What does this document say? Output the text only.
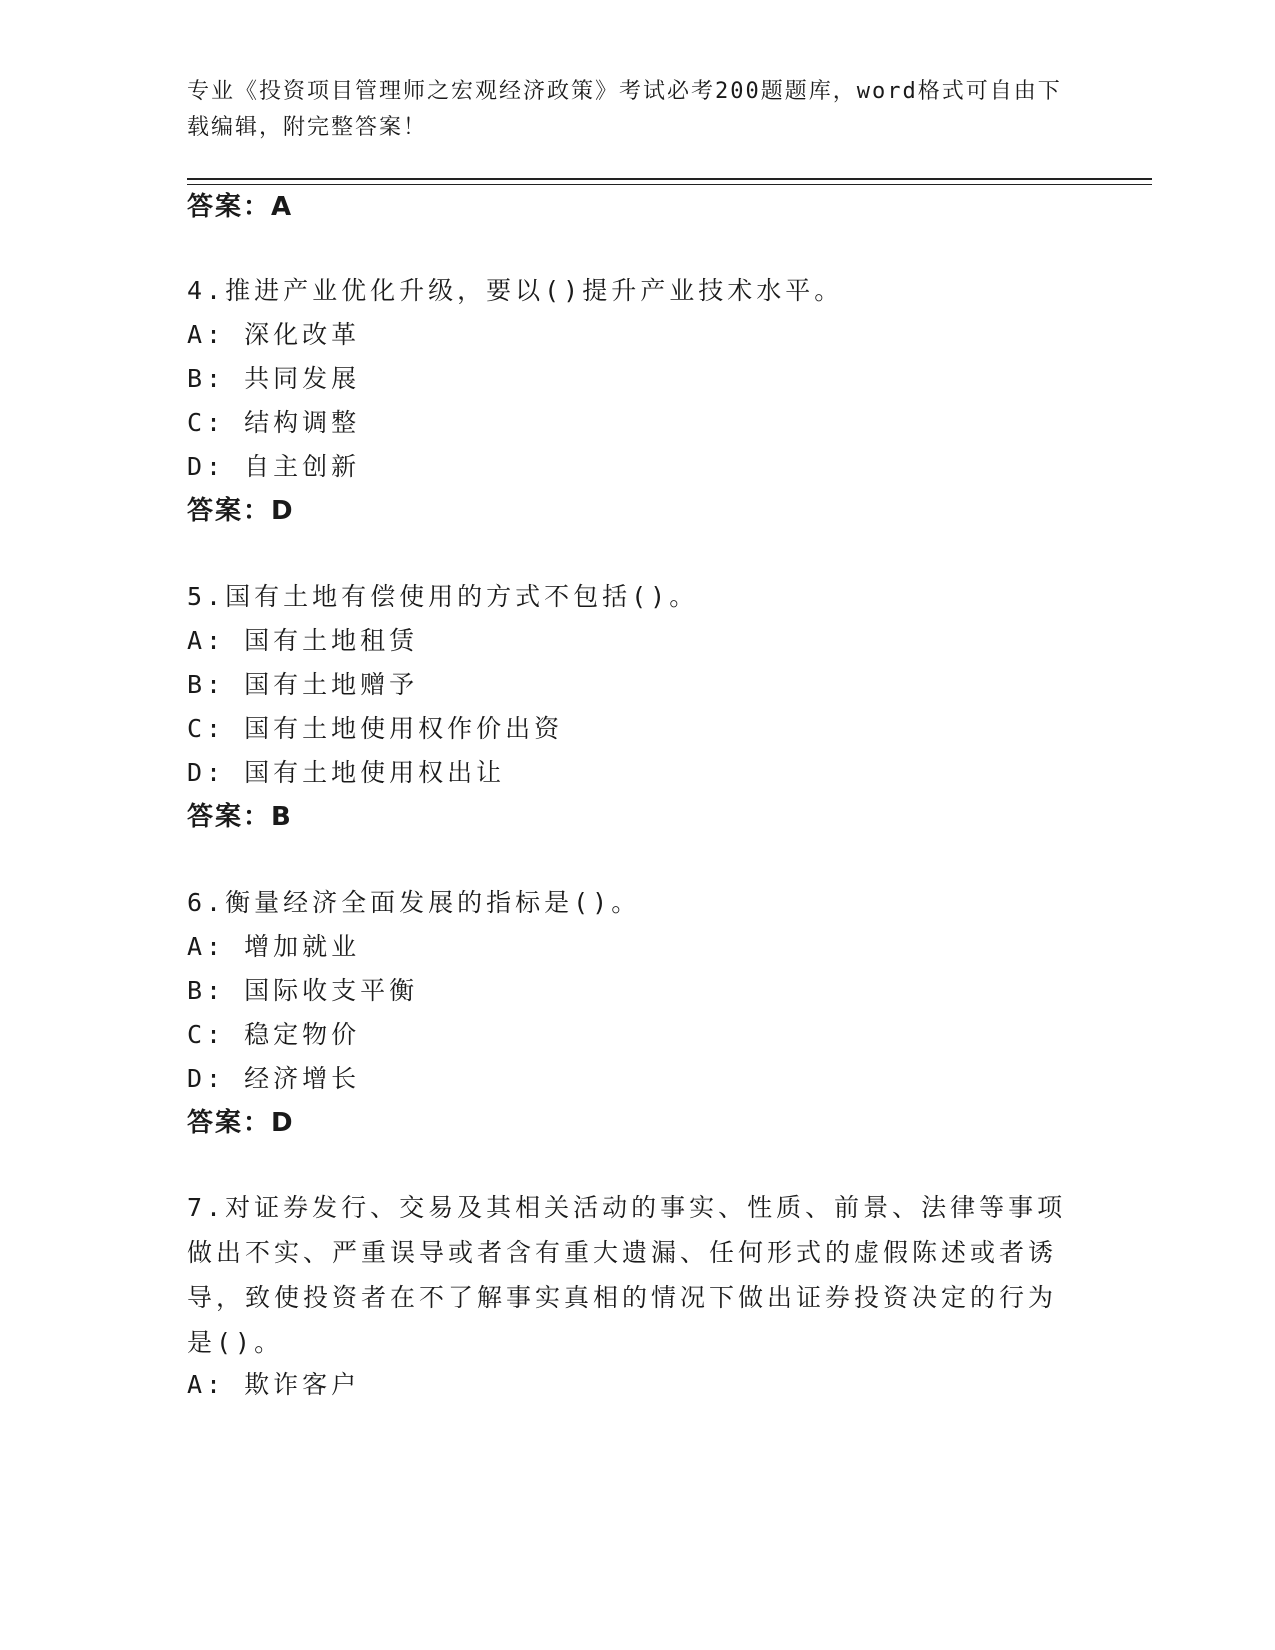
专业《投资项目管理师之宏观经济政策》考试必考200题题库，word格式可自由下载编辑，附完整答案！
答案：A
4.推进产业优化升级，要以()提升产业技术水平。
A: 深化改革
B: 共同发展
C: 结构调整
D: 自主创新
答案：D
5.国有土地有偿使用的方式不包括()。
A: 国有土地租赁
B: 国有土地赠予
C: 国有土地使用权作价出资
D: 国有土地使用权出让
答案：B
6.衡量经济全面发展的指标是()。
A: 增加就业
B: 国际收支平衡
C: 稳定物价
D: 经济增长
答案：D
7.对证券发行、交易及其相关活动的事实、性质、前景、法律等事项做出不实、严重误导或者含有重大遗漏、任何形式的虚假陈述或者诱导，致使投资者在不了解事实真相的情况下做出证券投资决定的行为是()。
A: 欺诈客户
